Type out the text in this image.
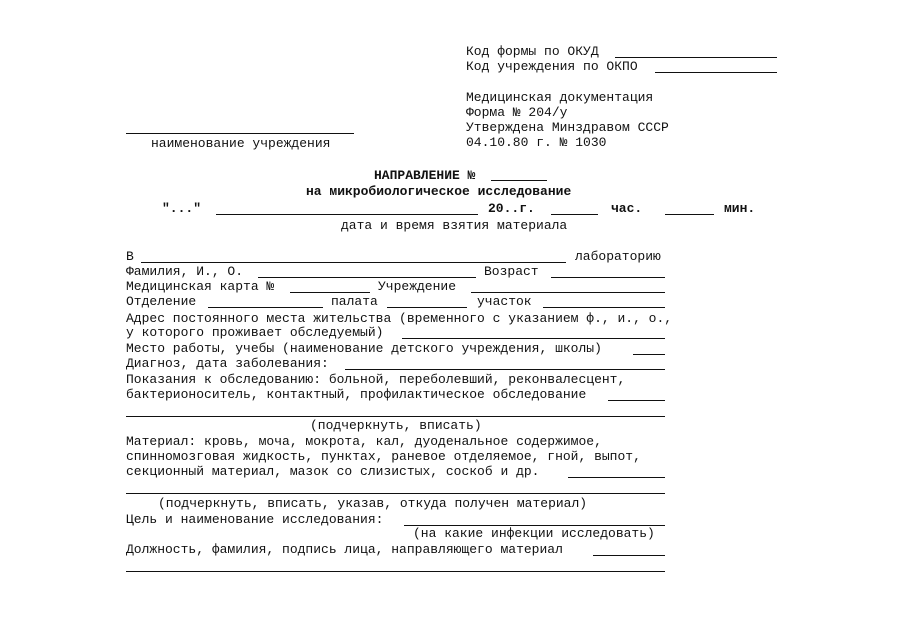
Код формы по ОКУД
Код учреждения по ОКПО
Медицинская документация
Форма № 204/у
Утверждена Минздравом СССР
04.10.80 г. № 1030
наименование учреждения
НАПРАВЛЕНИЕ №
на микробиологическое исследование
"..."	20..г.	час.	мин.
дата и время взятия материала
В	лабораторию
Фамилия, И., О.	Возраст
Медицинская карта №	Учреждение
Отделение	палата	участок
Адрес постоянного места жительства (временного с указанием ф., и., о.,
у которого проживает обследуемый)
Место работы, учебы (наименование детского учреждения, школы)
Диагноз, дата заболевания:
Показания к обследованию: больной, переболевший, реконвалесцент,
бактерионоситель, контактный, профилактическое обследование
(подчеркнуть, вписать)
Материал: кровь, моча, мокрота, кал, дуоденальное содержимое,
спинномозговая жидкость, пунктах, раневое отделяемое, гной, выпот,
секционный материал, мазок со слизистых, соскоб и др.
(подчеркнуть, вписать, указав, откуда получен материал)
Цель и наименование исследования:
(на какие инфекции исследовать)
Должность, фамилия, подпись лица, направляющего материал
